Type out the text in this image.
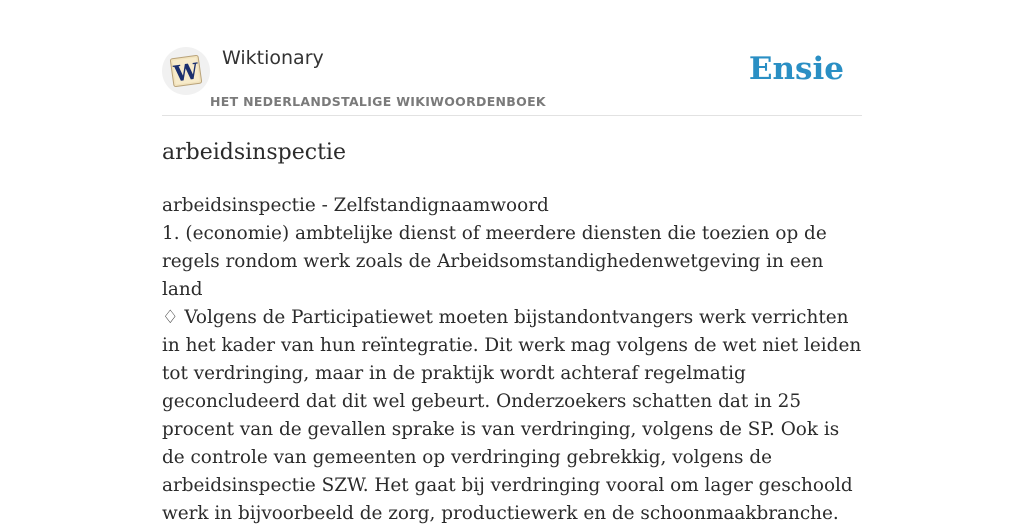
W
Wiktionary
HET NEDERLANDSTALIGE WIKIWOORDENBOEK
Ensie
arbeidsinspectie

arbeidsinspectie - Zelfstandignaamwoord

1. (economie) ambtelijke dienst of meerdere diensten die toezien op de regels rondom werk zoals de Arbeidsomstandighedenwetgeving in een land

♢ Volgens de Participatiewet moeten bijstandontvangers werk verrichten in het kader van hun reïntegratie. Dit werk mag volgens de wet niet leiden tot verdringing, maar in de praktijk wordt achteraf regelmatig geconcludeerd dat dit wel gebeurt. Onderzoekers schatten dat in 25 procent van de gevallen sprake is van verdringing, volgens de SP. Ook is de controle van gemeenten op verdringing gebrekkig, volgens de arbeidsinspectie SZW. Het gaat bij verdringing vooral om lager geschoold werk in bijvoorbeeld de zorg, productiewerk en de schoonmaakbranche.
